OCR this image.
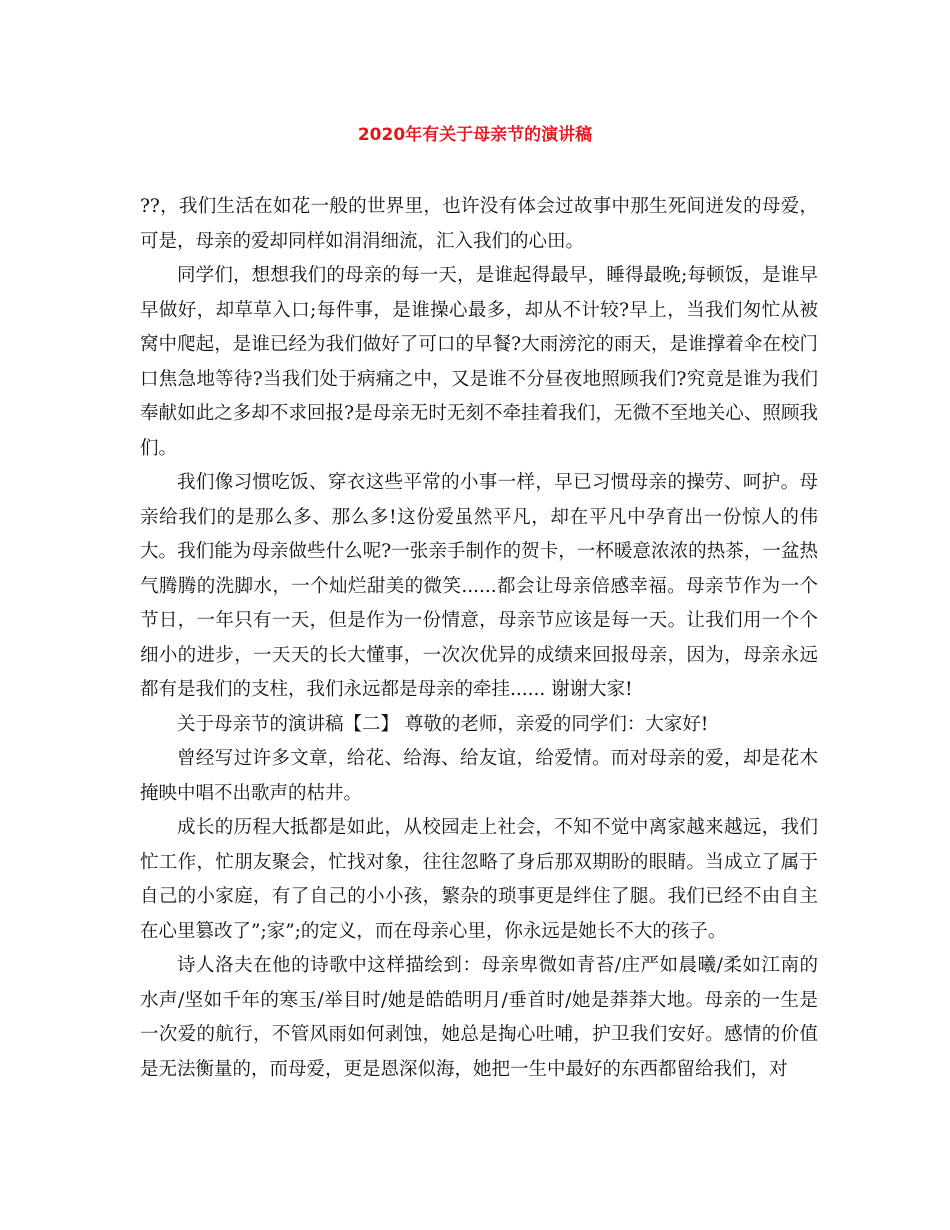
2020年有关于母亲节的演讲稿

??，我们生活在如花一般的世界里，也许没有体会过故事中那生死间迸发的母爱，可是，母亲的爱却同样如涓涓细流，汇入我们的心田。

同学们，想想我们的母亲的每一天，是谁起得最早，睡得最晚;每顿饭，是谁早早做好，却草草入口;每件事，是谁操心最多，却从不计较?早上，当我们匆忙从被窝中爬起，是谁已经为我们做好了可口的早餐?大雨滂沱的雨天，是谁撑着伞在校门口焦急地等待?当我们处于病痛之中，又是谁不分昼夜地照顾我们?究竟是谁为我们奉献如此之多却不求回报?是母亲无时无刻不牵挂着我们，无微不至地关心、照顾我们。

我们像习惯吃饭、穿衣这些平常的小事一样，早已习惯母亲的操劳、呵护。母亲给我们的是那么多、那么多!这份爱虽然平凡，却在平凡中孕育出一份惊人的伟大。我们能为母亲做些什么呢?一张亲手制作的贺卡，一杯暖意浓浓的热茶，一盆热气腾腾的洗脚水，一个灿烂甜美的微笑......都会让母亲倍感幸福。母亲节作为一个节日，一年只有一天，但是作为一份情意，母亲节应该是每一天。让我们用一个个细小的进步，一天天的长大懂事，一次次优异的成绩来回报母亲，因为，母亲永远都有是我们的支柱，我们永远都是母亲的牵挂...... 谢谢大家!

关于母亲节的演讲稿【二】 尊敬的老师，亲爱的同学们：大家好!

曾经写过许多文章，给花、给海、给友谊，给爱情。而对母亲的爱，却是花木掩映中唱不出歌声的枯井。

成长的历程大抵都是如此，从校园走上社会，不知不觉中离家越来越远，我们忙工作，忙朋友聚会，忙找对象，往往忽略了身后那双期盼的眼睛。当成立了属于自己的小家庭，有了自己的小小孩，繁杂的琐事更是绊住了腿。我们已经不由自主在心里篡改了”;家”;的定义，而在母亲心里，你永远是她长不大的孩子。

诗人洛夫在他的诗歌中这样描绘到：母亲卑微如青苔/庄严如晨曦/柔如江南的水声/坚如千年的寒玉/举目时/她是皓皓明月/垂首时/她是莽莽大地。母亲的一生是一次爱的航行，不管风雨如何剥蚀，她总是掏心吐哺，护卫我们安好。感情的价值是无法衡量的，而母爱，更是恩深似海，她把一生中最好的东西都留给我们，对
